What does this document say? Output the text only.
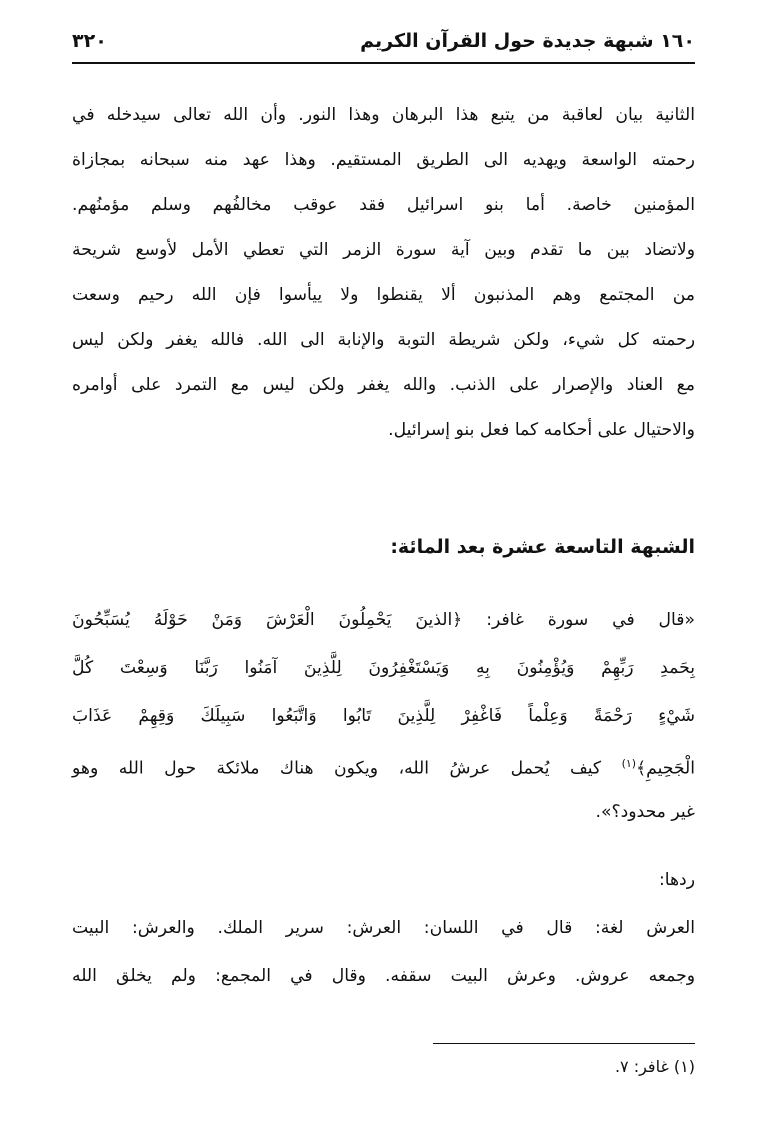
١٦٠ شبهة جديدة حول القرآن الكريم
٣٢٠
الثانية بيان لعاقبة من يتبع هذا البرهان وهذا النور. وأن الله تعالى سيدخله في
رحمته الواسعة ويهديه الى الطريق المستقيم. وهذا عهد منه سبحانه بمجازاة
المؤمنين خاصة. أما بنو اسرائيل فقد عوقب مخالفُهم وسلم مؤمنُهم.
ولاتضاد بين ما تقدم وبين آية سورة الزمر التي تعطي الأمل لأوسع شريحة
من المجتمع وهم المذنبون ألا يقنطوا ولا ييأسوا فإن الله رحيم وسعت
رحمته كل شيء، ولكن شريطة التوبة والإنابة الى الله. فالله يغفر ولكن ليس
مع العناد والإصرار على الذنب. والله يغفر ولكن ليس مع التمرد على أوامره
والاحتيال على أحكامه كما فعل بنو إسرائيل.
الشبهة التاسعة عشرة بعد المائة:
«قال في سورة غافر: ﴿الذينَ يَحْمِلُونَ الْعَرْشَ وَمَنْ حَوْلَهُ يُسَبِّحُونَ
بِحَمدِ رَبِّهِمْ وَيُؤْمِنُونَ بِهِ وَيَسْتَغْفِرُونَ لِلَّذِينَ آمَنُوا رَبَّنَا وَسِعْتَ كُلَّ
شَيْءٍ رَحْمَةً وَعِلْماً فَاغْفِرْ لِلَّذِينَ تَابُوا وَاتَّبَعُوا سَبِيلَكَ وَقِهِمْ عَذَابَ
الْجَحِيمِ﴾$^{(١)}$ كيف يُحمل عرشُ الله، ويكون هناك ملائكة حول الله وهو
غير محدود؟».
ردها:
العرش لغة: قال في اللسان: العرش: سرير الملك. والعرش: البيت
وجمعه عروش. وعرش البيت سقفه. وقال في المجمع: ولم يخلق الله
(١) غافر: ٧.
